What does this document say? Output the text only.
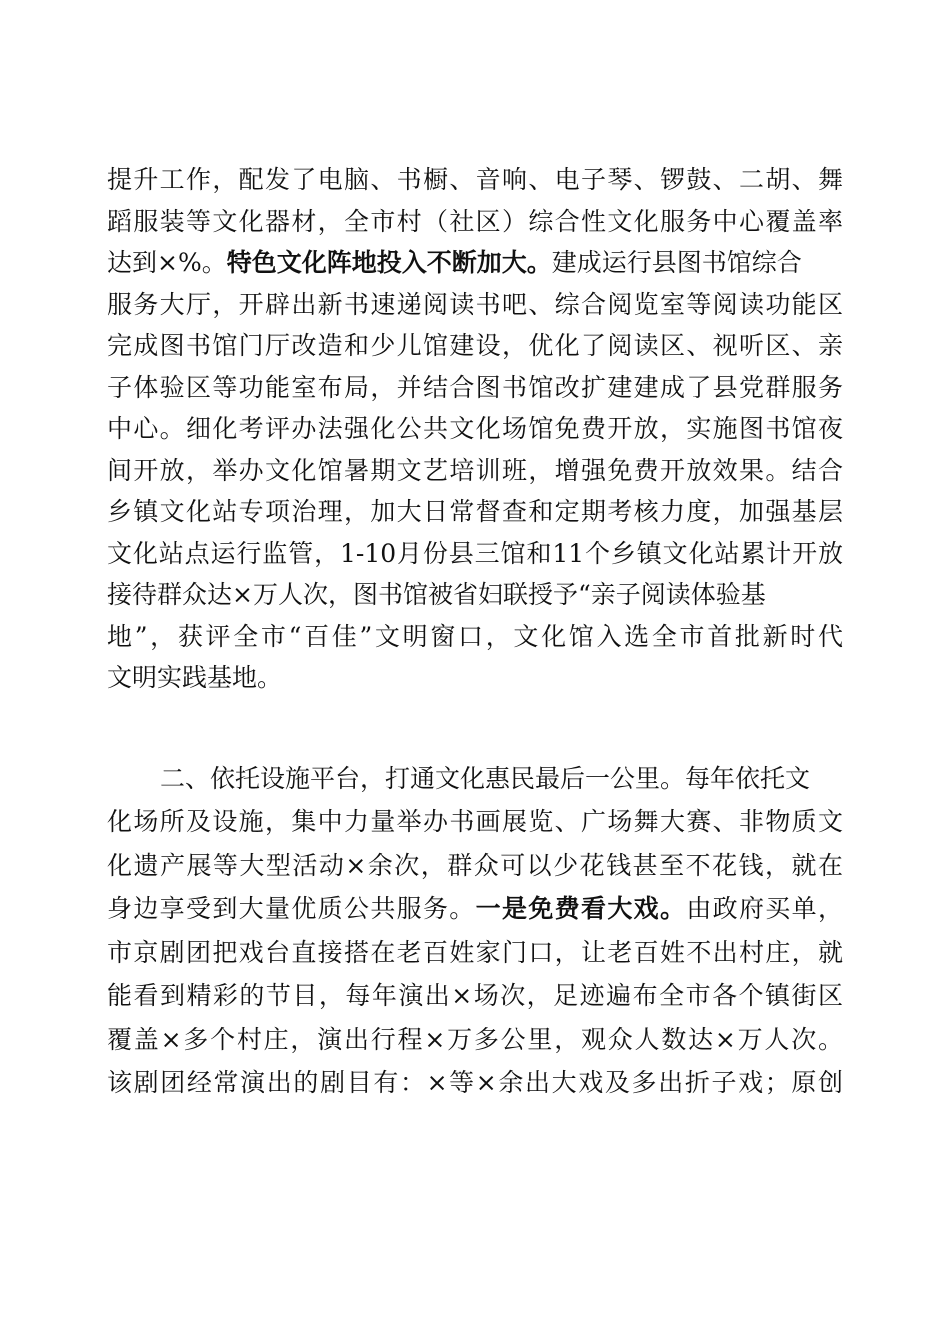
提升工作，配发了电脑、书橱、音响、电子琴、锣鼓、二胡、舞
蹈服装等文化器材，全市村（社区）综合性文化服务中心覆盖率
达到×%。特色文化阵地投入不断加大。建成运行县图书馆综合
服务大厅，开辟出新书速递阅读书吧、综合阅览室等阅读功能区
完成图书馆门厅改造和少儿馆建设，优化了阅读区、视听区、亲
子体验区等功能室布局，并结合图书馆改扩建建成了县党群服务
中心。细化考评办法强化公共文化场馆免费开放，实施图书馆夜
间开放，举办文化馆暑期文艺培训班，增强免费开放效果。结合
乡镇文化站专项治理，加大日常督查和定期考核力度，加强基层
文化站点运行监管，1-10月份县三馆和11个乡镇文化站累计开放
接待群众达×万人次，图书馆被省妇联授予“亲子阅读体验基
地”，获评全市“百佳”文明窗口，文化馆入选全市首批新时代
文明实践基地。
二、依托设施平台，打通文化惠民最后一公里。每年依托文
化场所及设施，集中力量举办书画展览、广场舞大赛、非物质文
化遗产展等大型活动×余次，群众可以少花钱甚至不花钱，就在
身边享受到大量优质公共服务。一是免费看大戏。由政府买单，
市京剧团把戏台直接搭在老百姓家门口，让老百姓不出村庄，就
能看到精彩的节目，每年演出×场次，足迹遍布全市各个镇街区
覆盖×多个村庄，演出行程×万多公里，观众人数达×万人次。
该剧团经常演出的剧目有：×等×余出大戏及多出折子戏；原创
